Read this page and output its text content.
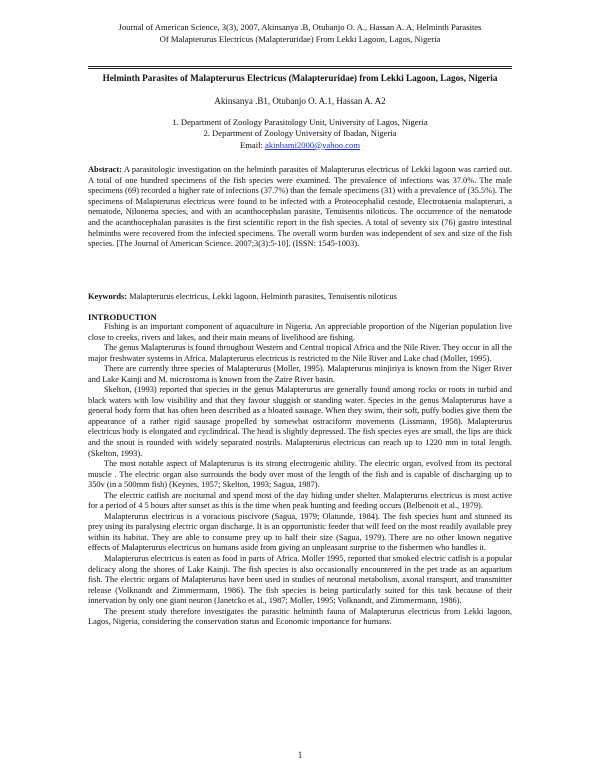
Journal of American Science, 3(3), 2007, Akinsanya .B, Otubanjo O. A., Hassan A. A, Helminth Parasites
Of Malapterurus Electricus (Malapteruridae) From Lekki Lagoon, Lagos, Nigeria
Helminth Parasites of Malapterurus Electricus (Malapteruridae) from Lekki Lagoon, Lagos, Nigeria
Akinsanya .B1, Otubanjo O. A.1, Hassan A. A2
1. Department of Zoology Parasitology Unit, University of Lagos, Nigeria
2. Department of Zoology University of Ibadan, Nigeria
Email: akinbami2000@yahoo.com
Abstract: A parasitologic investigation on the helminth parasites of Malapterurus electricus of Lekki lagoon was carried out. A total of one hundred specimens of the fish species were examined. The prevalence of infections was 37.0%. The male specimens (69) recorded a higher rate of infections (37.7%) than the female specimens (31) with a prevalence of (35.5%). The specimens of Malapterurus electricus were found to be infected with a Proteocephalid cestode, Electrotaenia malapteruri, a nematode, Nilonema species, and with an acanthocephalan parasite, Tenuisentis niloticus. The occurrence of the nematode and the acanthocephalan parasites is the first scientific report in the fish species. A total of seventy six (76) gastro intestinal helminths were recovered from the infected specimens. The overall worm burden was independent of sex and size of the fish species. [The Journal of American Science. 2007;3(3):5-10]. (ISSN: 1545-1003).
Keywords: Malapterurus electricus, Lekki lagoon, Helminth parasites, Tenuisentis niloticus
INTRODUCTION

Fishing is an important component of aquaculture in Nigeria. An appreciable proportion of the Nigerian population live close to creeks, rivers and lakes, and their main means of livelihood are fishing.

The genus Malapterurus is found throughout Western and Central tropical Africa and the Nile River. They occur in all the major freshwater systems in Africa. Malapterurus electricus is restricted to the Nile River and Lake chad (Moller, 1995).

There are currently three species of Malapterurus (Moller, 1995). Malapterurus minjiriya is known from the Niger River and Lake Kainji and M. microstoma is known from the Zaire River basin.

Skelton, (1993) reported that species in the genus Malapterurus are generally found among rocks or roots in turbid and black waters with low visibility and that they favour sluggish or standing water. Species in the genus Malapterurus have a general body form that has often been described as a bloated sausage. When they swim, their soft, puffy bodies give them the appearance of a rather rigid sausage propelled by somewhat ostraciform movements (Lissmann, 1958). Malapterurus electricus body is elongated and cyclindrical. The head is slightly depressed. The fish species eyes are small, the lips are thick and the snout is rounded with widely separated nostrils. Malapterurus electricus can reach up to 1220 mm in total length. (Skelton, 1993).

The most notable aspect of Malapterurus is its strong electrogenic ability. The electric organ, evolved from its pectoral muscle . The electric organ also surrounds the body over most of the length of the fish and is capable of discharging up to 350v (in a 500mm fish) (Keynes, 1957; Skelton, 1993; Sagua, 1987).

The electric catfish are nocturnal and spend most of the day hiding under shelter. Malapterurus electricus is most active for a period of 4 5 hours after sunset as this is the time when peak hunting and feeding occurs (Belbenoit et al., 1979).

Malapterurus electricus is a voracious piscivore (Sagua, 1979; Olatunde, 1984). The fish species hunt and stunned its prey using its paralysing electric organ discharge. It is an opportunistic feeder that will feed on the most readily available prey within its habitat. They are able to consume prey up to half their size (Sagua, 1979). There are no other known negative effects of Malapterurus electricus on humans aside from giving an unpleasant surprise to the fishermen who handles it.

Malapterurus electricus is eaten as food in parts of Africa. Moller 1995, reported that smoked electric catfish is a popular delicacy along the shores of Lake Kainji. The fish species is also occasionally encountered in the pet trade as an aquarium fish. The electric organs of Malapterurus have been used in studies of neuronal metabolism, axonal transport, and transmitter release (Volknandt and Zimmermann, 1986). The fish species is being particularly suited for this task because of their innervation by only one giant neuron (Janetcko et al., 1987; Moller, 1995; Volknandt, and Zimmermann, 1986).

The present study therefore investigates the parasitic helminth fauna of Malapterurus electricus from Lekki lagoon, Lagos, Nigeria, considering the conservation status and Economic importance for humans.

1
